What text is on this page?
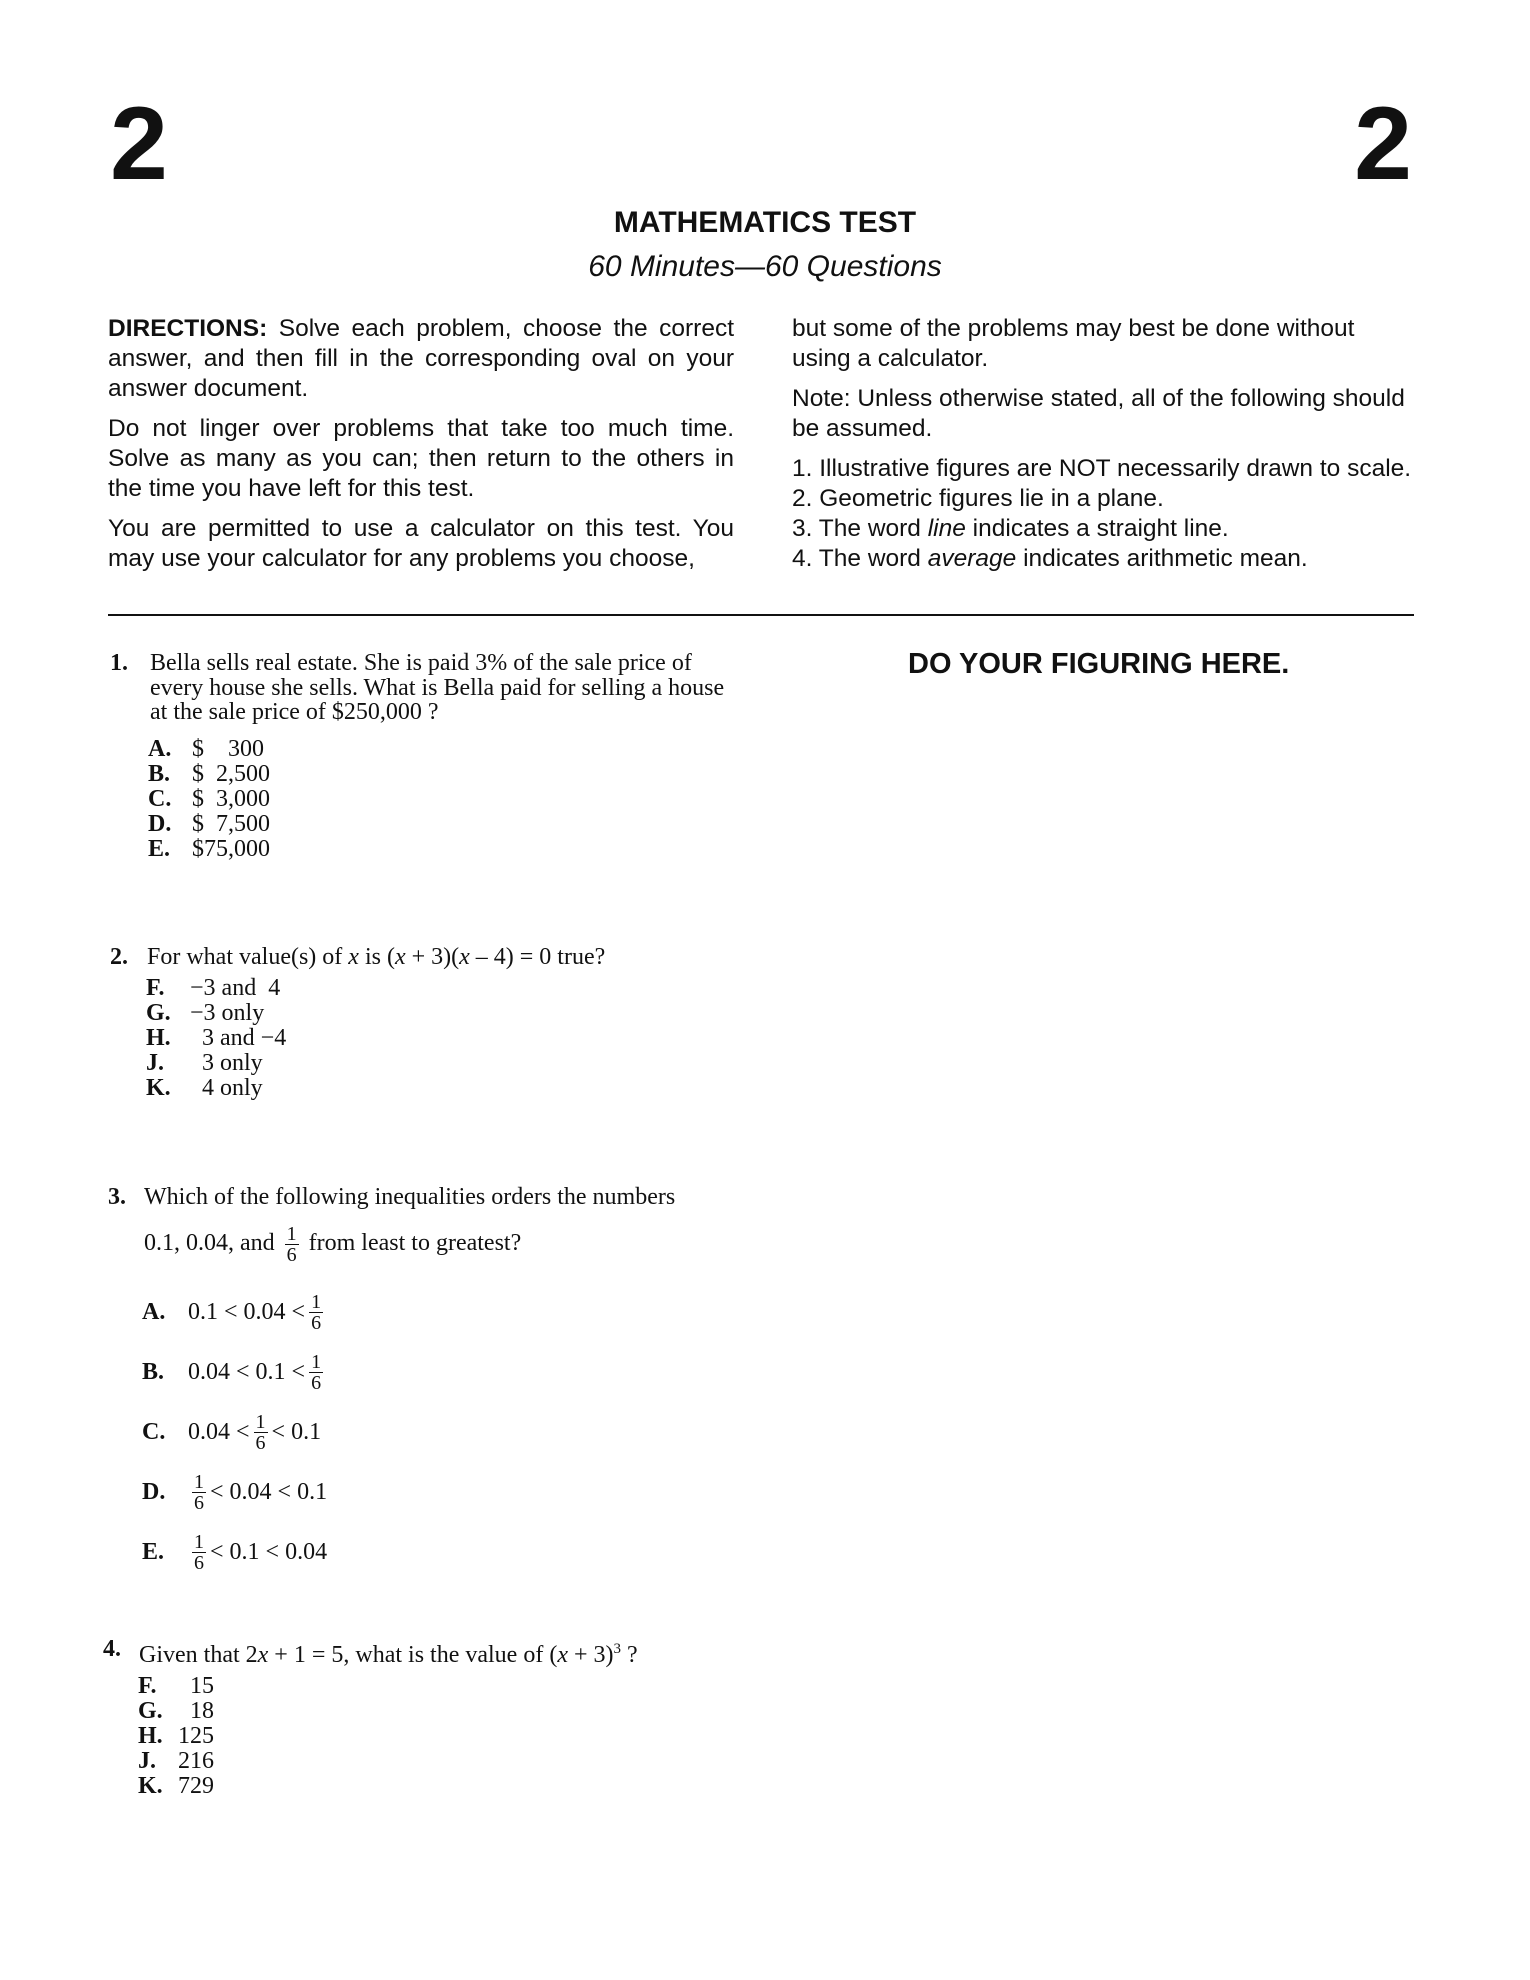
2	2
MATHEMATICS TEST
60 Minutes—60 Questions

DIRECTIONS: Solve each problem, choose the correct answer, and then fill in the corresponding oval on your answer document.

Do not linger over problems that take too much time. Solve as many as you can; then return to the others in the time you have left for this test.

You are permitted to use a calculator on this test. You may use your calculator for any problems you choose,

but some of the problems may best be done without using a calculator.

Note: Unless otherwise stated, all of the following should be assumed.

1. Illustrative figures are NOT necessarily drawn to scale.
2. Geometric figures lie in a plane.
3. The word line indicates a straight line.
4. The word average indicates arithmetic mean.
DO YOUR FIGURING HERE.
1. Bella sells real estate. She is paid 3% of the sale price of every house she sells. What is Bella paid for selling a house at the sale price of $250,000 ?
A. $    300
B. $  2,500
C. $  3,000
D. $  7,500
E. $75,000
2. For what value(s) of x is (x + 3)(x – 4) = 0 true?
F.	−3 and  4
G. −3 only
H. 3 and −4
J.	3 only
K. 4 only
3. Which of the following inequalities orders the numbers
0.1, 0.04, and $\frac{1}{6}$ from least to greatest?
A. $0.1 < 0.04 < \frac{1}{6}$
B. $0.04 < 0.1 < \frac{1}{6}$
C. $0.04 < \frac{1}{6} < 0.1$
D.	$\frac{1}{6} < 0.04 < 0.1$
E.	$\frac{1}{6} < 0.1 < 0.04$
4. Given that 2x + 1 = 5, what is the value of $(x + 3)^3$ ?
F. 15
G. 18
H. 125
J. 216
K. 729
